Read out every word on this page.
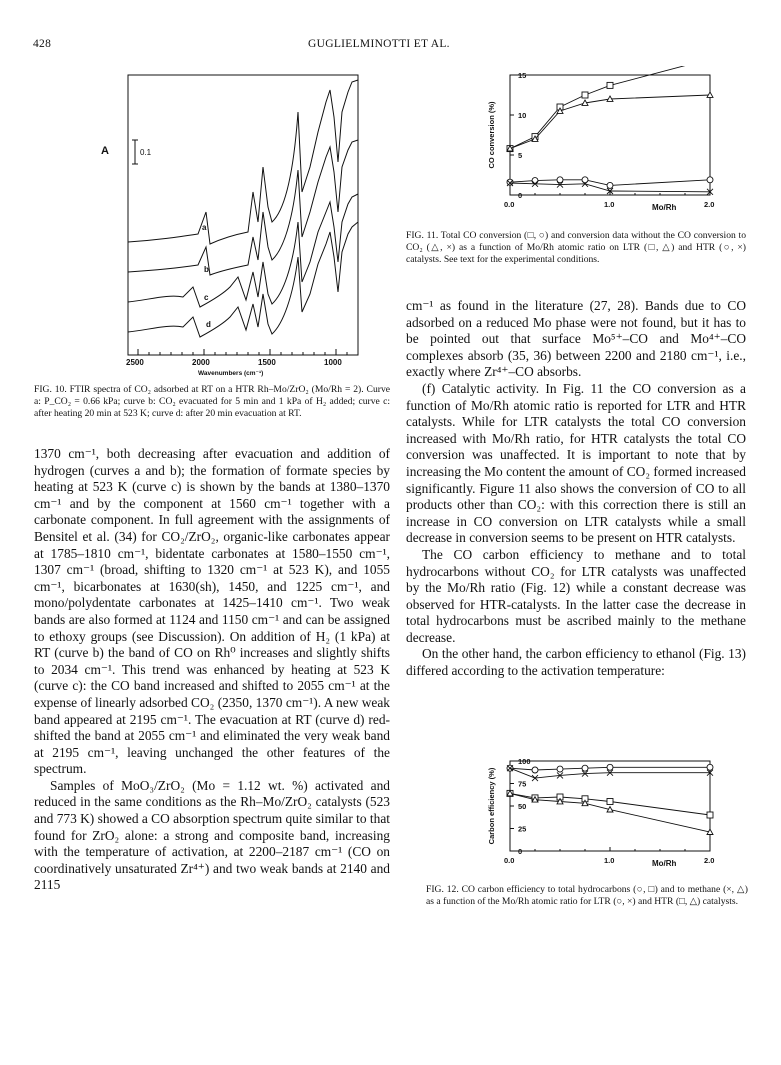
428	GUGLIELMINOTTI ET AL.
A	0.1
a
b
c
d
2500	2000	1500	1000
Wavenumbers (cm⁻¹)
FIG. 10. FTIR spectra of CO₂ adsorbed at RT on a HTR Rh–Mo/ZrO₂ (Mo/Rh = 2). Curve a: P_CO₂ = 0.66 kPa; curve b: CO₂ evacuated for 5 min and 1 kPa of H₂ added; curve c: after heating 20 min at 523 K; curve d: after 20 min evacuation at RT.

1370 cm⁻¹, both decreasing after evacuation and addition of hydrogen (curves a and b); the formation of formate species by heating at 523 K (curve c) is shown by the bands at 1380–1370 cm⁻¹ and by the component at 1560 cm⁻¹ together with a carbonate component. In full agreement with the assignments of Bensitel et al. (34) for CO₂/ZrO₂, organic-like carbonates appear at 1785–1810 cm⁻¹, bidentate carbonates at 1580–1550 cm⁻¹, 1307 cm⁻¹ (broad, shifting to 1320 cm⁻¹ at 523 K), and 1055 cm⁻¹, bicarbonates at 1630(sh), 1450, and 1225 cm⁻¹, and mono/polydentate carbonates at 1425–1410 cm⁻¹. Two weak bands are also formed at 1124 and 1150 cm⁻¹ and can be assigned to ethoxy groups (see Discussion). On addition of H₂ (1 kPa) at RT (curve b) the band of CO on Rh⁰ increases and slightly shifts to 2034 cm⁻¹. This trend was enhanced by heating at 523 K (curve c): the CO band increased and shifted to 2055 cm⁻¹ at the expense of linearly adsorbed CO₂ (2350, 1370 cm⁻¹). A new weak band appeared at 2195 cm⁻¹. The evacuation at RT (curve d) red-shifted the band at 2055 cm⁻¹ and eliminated the very weak band at 2195 cm⁻¹, leaving unchanged the other features of the spectrum.

Samples of MoO₃/ZrO₂ (Mo = 1.12 wt. %) activated and reduced in the same conditions as the Rh–Mo/ZrO₂ catalysts (523 and 773 K) showed a CO absorption spectrum quite similar to that found for ZrO₂ alone: a strong and composite band, increasing with the temperature of activation, at 2200–2187 cm⁻¹ (CO on coordinatively unsaturated Zr⁴⁺) and two weak bands at 2140 and 2115

0
5
10
15
0.0	1.0	2.0
Mo/Rh
CO conversion (%)
FIG. 11. Total CO conversion (□, ○) and conversion data without the CO conversion to CO₂ (△, ×) as a function of Mo/Rh atomic ratio on LTR (□, △) and HTR (○, ×) catalysts. See text for the experimental conditions.

cm⁻¹ as found in the literature (27, 28). Bands due to CO adsorbed on a reduced Mo phase were not found, but it has to be pointed out that surface Mo⁵⁺–CO and Mo⁴⁺–CO complexes absorb (35, 36) between 2200 and 2180 cm⁻¹, i.e., exactly where Zr⁴⁺–CO absorbs.

(f) Catalytic activity. In Fig. 11 the CO conversion as a function of Mo/Rh atomic ratio is reported for LTR and HTR catalysts. While for LTR catalysts the total CO conversion increased with Mo/Rh ratio, for HTR catalysts the total CO conversion was unaffected. It is important to note that by increasing the Mo content the amount of CO₂ formed increased significantly. Figure 11 also shows the conversion of CO to all products other than CO₂: with this correction there is still an increase in CO conversion on LTR catalysts while a small decrease in conversion seems to be present on HTR catalysts.

The CO carbon efficiency to methane and to total hydrocarbons without CO₂ for LTR catalysts was unaffected by the Mo/Rh ratio (Fig. 12) while a constant decrease was observed for HTR-catalysts. In the latter case the decrease in total hydrocarbons must be ascribed mainly to the methane decrease.

On the other hand, the carbon efficiency to ethanol (Fig. 13) differed according to the activation temperature:

0
25
50
75
100
0.0	1.0	2.0
Mo/Rh
Carbon efficiency (%)
FIG. 12. CO carbon efficiency to total hydrocarbons (○, □) and to methane (×, △) as a function of the Mo/Rh atomic ratio for LTR (○, ×) and HTR (□, △) catalysts.
